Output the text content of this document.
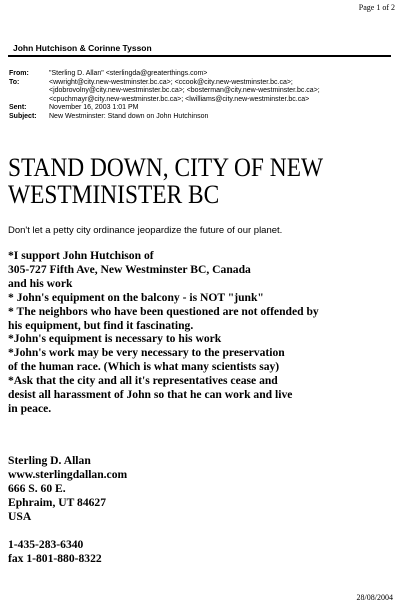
Page 1 of 2
John Hutchison & Corinne Tysson
From:	"Sterling D. Allan" <sterlingda@greaterthings.com>
To:	<wwright@city.new-westminster.bc.ca>; <ccook@city.new-westminster.bc.ca>;
<jdobrovolny@city.new-westminster.bc.ca>; <bosterman@city.new-westminster.bc.ca>;
<cpuchmayr@city.new-westminster.bc.ca>; <lwilliams@city.new-westminster.bc.ca>
Sent:	November 16, 2003 1:01 PM
Subject:	New Westminster: Stand down on John Hutchinson
STAND DOWN, CITY OF NEW
WESTMINISTER BC
Don't let a petty city ordinance jeopardize the future of our planet.
*I support John Hutchison of
305-727 Fifth Ave, New Westminster BC, Canada
and his work
* John's equipment on the balcony - is NOT "junk"
* The neighbors who have been questioned are not offended by
his equipment, but find it fascinating.
*John's equipment is necessary to his work
*John's work may be very necessary to the preservation
of the human race. (Which is what many scientists say)
*Ask that the city and all it's representatives cease and
desist all harassment of John so that he can work and live
in peace.
Sterling D. Allan
www.sterlingdallan.com
666 S. 60 E.
Ephraim, UT 84627
USA
1-435-283-6340
fax 1-801-880-8322
28/08/2004
